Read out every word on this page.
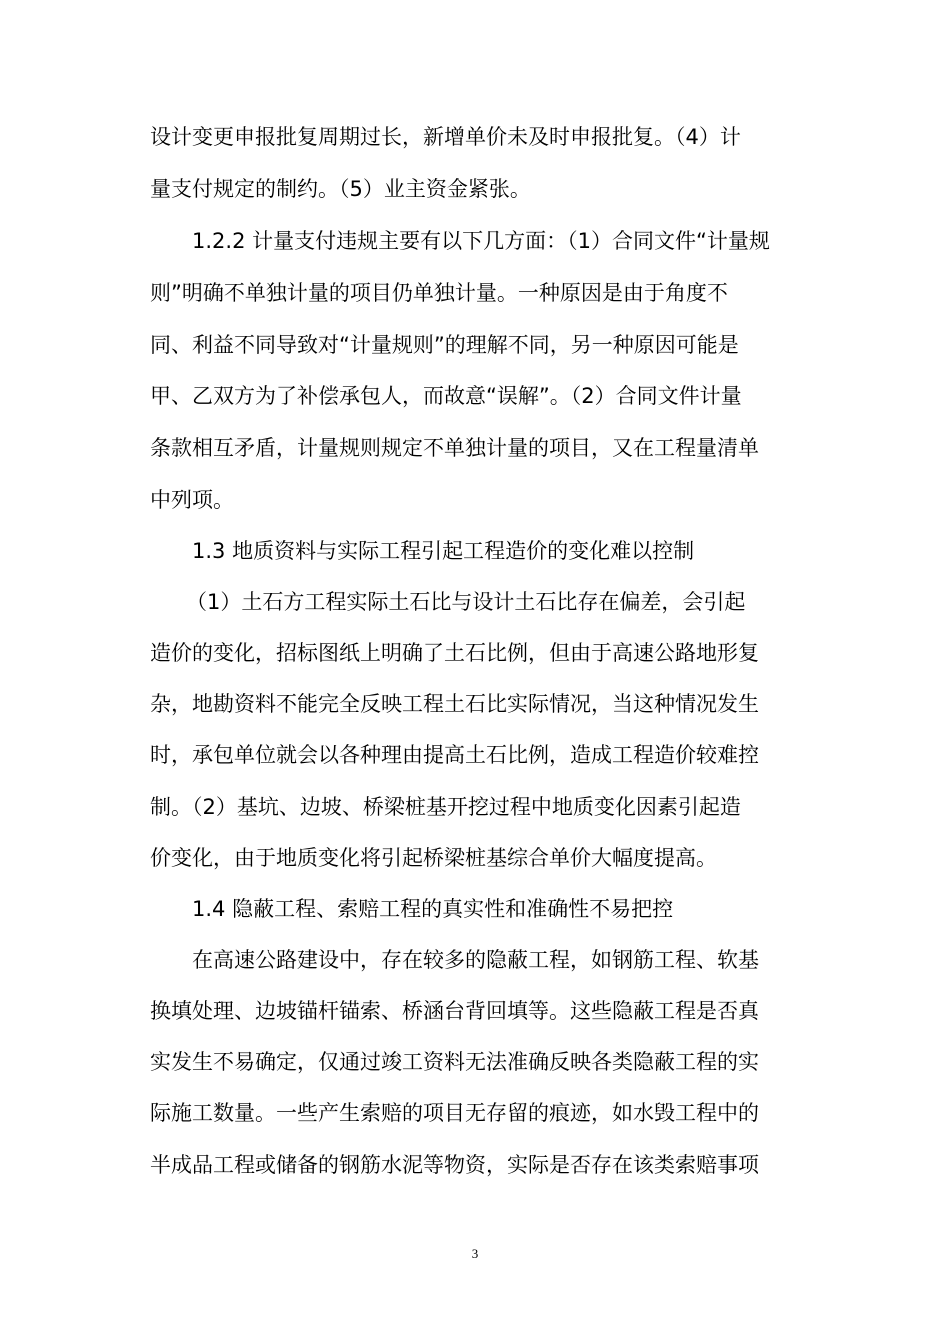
设计变更申报批复周期过长，新增单价未及时申报批复。（4）计
量支付规定的制约。（5）业主资金紧张。
1.2.2 计量支付违规主要有以下几方面：（1）合同文件“计量规
则”明确不单独计量的项目仍单独计量。一种原因是由于角度不
同、利益不同导致对“计量规则”的理解不同，另一种原因可能是
甲、乙双方为了补偿承包人，而故意“误解”。（2）合同文件计量
条款相互矛盾，计量规则规定不单独计量的项目，又在工程量清单
中列项。
1.3 地质资料与实际工程引起工程造价的变化难以控制
（1）土石方工程实际土石比与设计土石比存在偏差，会引起
造价的变化，招标图纸上明确了土石比例，但由于高速公路地形复
杂，地勘资料不能完全反映工程土石比实际情况，当这种情况发生
时，承包单位就会以各种理由提高土石比例，造成工程造价较难控
制。（2）基坑、边坡、桥梁桩基开挖过程中地质变化因素引起造
价变化，由于地质变化将引起桥梁桩基综合单价大幅度提高。
1.4 隐蔽工程、索赔工程的真实性和准确性不易把控
在高速公路建设中，存在较多的隐蔽工程，如钢筋工程、软基
换填处理、边坡锚杆锚索、桥涵台背回填等。这些隐蔽工程是否真
实发生不易确定，仅通过竣工资料无法准确反映各类隐蔽工程的实
际施工数量。一些产生索赔的项目无存留的痕迹，如水毁工程中的
半成品工程或储备的钢筋水泥等物资，实际是否存在该类索赔事项
3
